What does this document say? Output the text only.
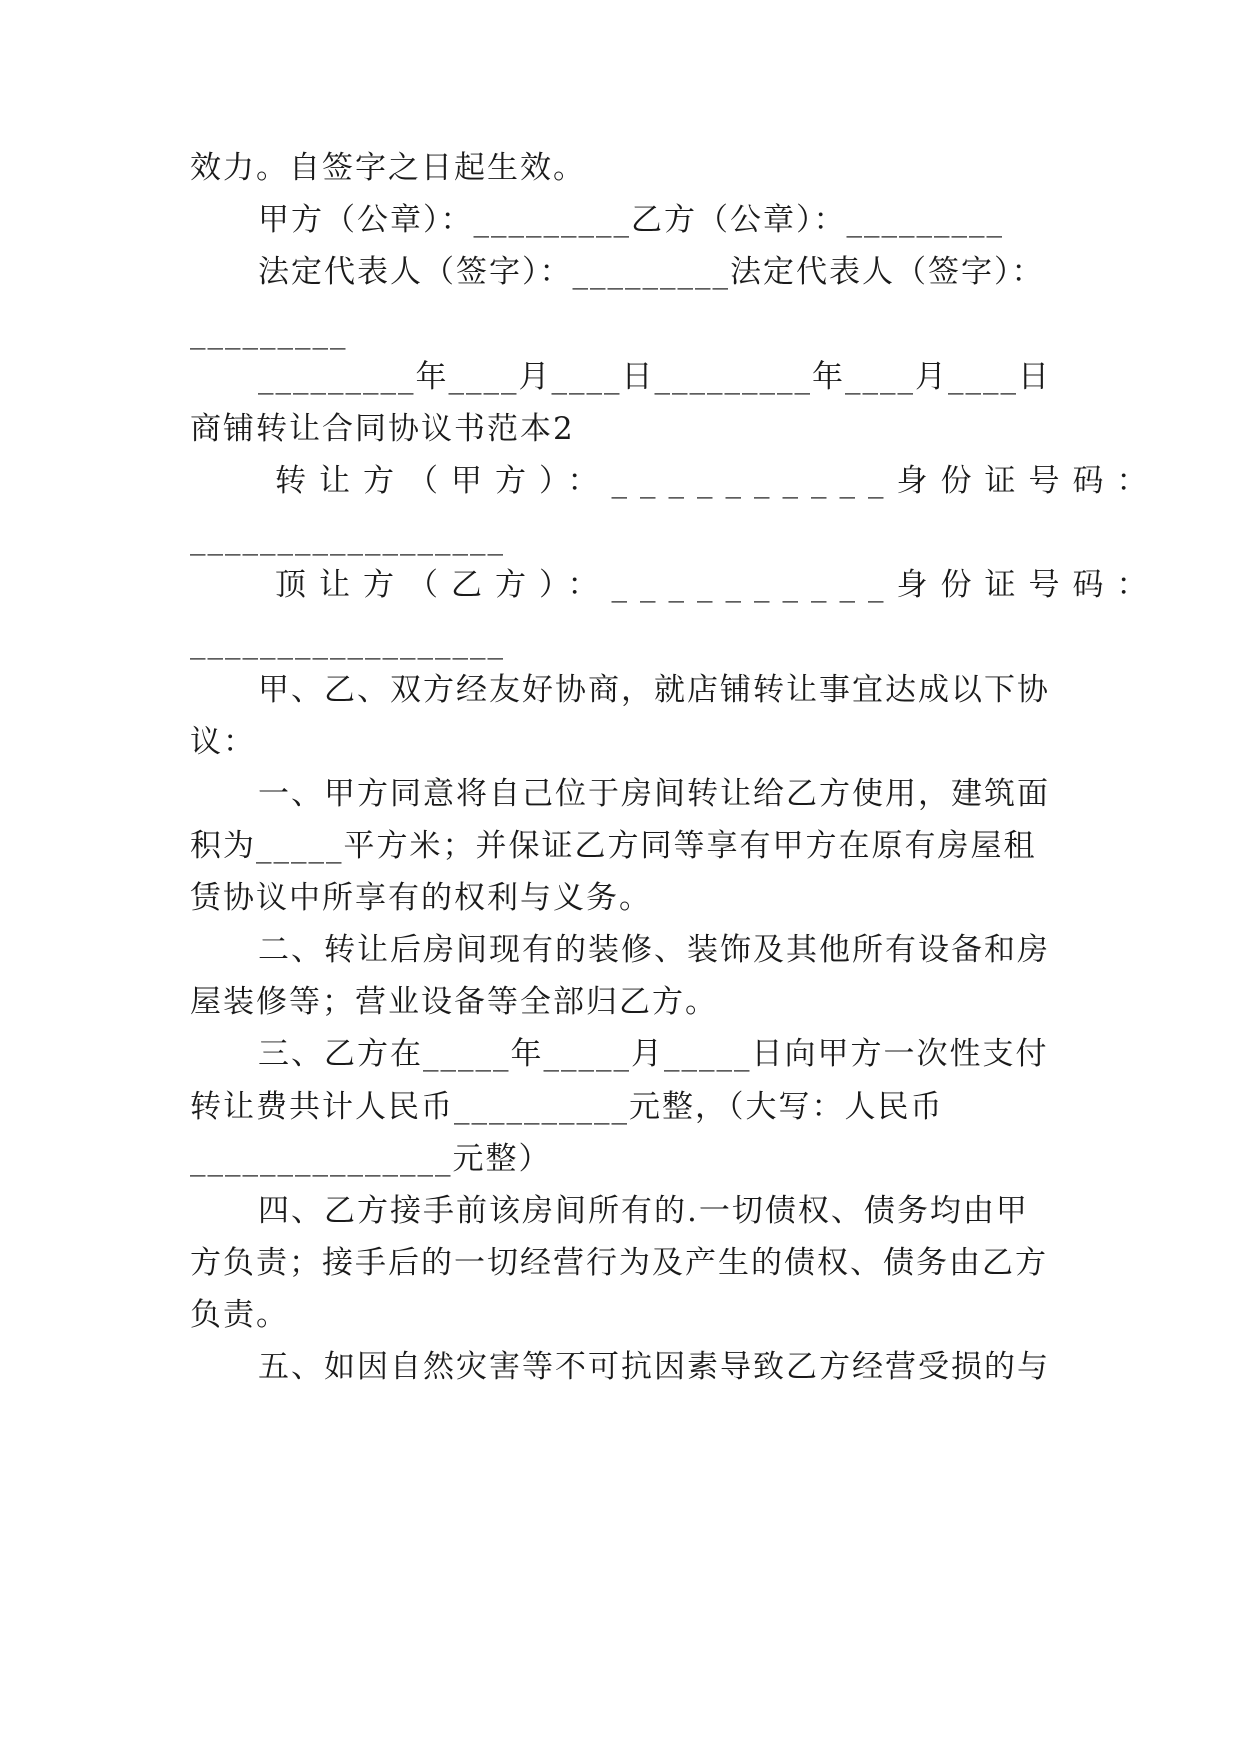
效力。自签字之日起生效。
甲方（公章）：_________乙方（公章）：_________
法定代表人（签字）：_________法定代表人（签字）：
_________
_________年____月____日_________年____月____日
商铺转让合同协议书范本2
转让方（甲方）：__________身份证号码：
__________________
顶让方（乙方）：__________身份证号码：
__________________
甲、乙、双方经友好协商，就店铺转让事宜达成以下协
议：
一、甲方同意将自己位于房间转让给乙方使用，建筑面
积为_____平方米；并保证乙方同等享有甲方在原有房屋租
赁协议中所享有的权利与义务。
二、转让后房间现有的装修、装饰及其他所有设备和房
屋装修等；营业设备等全部归乙方。
三、乙方在_____年_____月_____日向甲方一次性支付
转让费共计人民币__________元整，（大写：人民币
_______________元整）
四、乙方接手前该房间所有的.一切债权、债务均由甲
方负责；接手后的一切经营行为及产生的债权、债务由乙方
负责。
五、如因自然灾害等不可抗因素导致乙方经营受损的与
